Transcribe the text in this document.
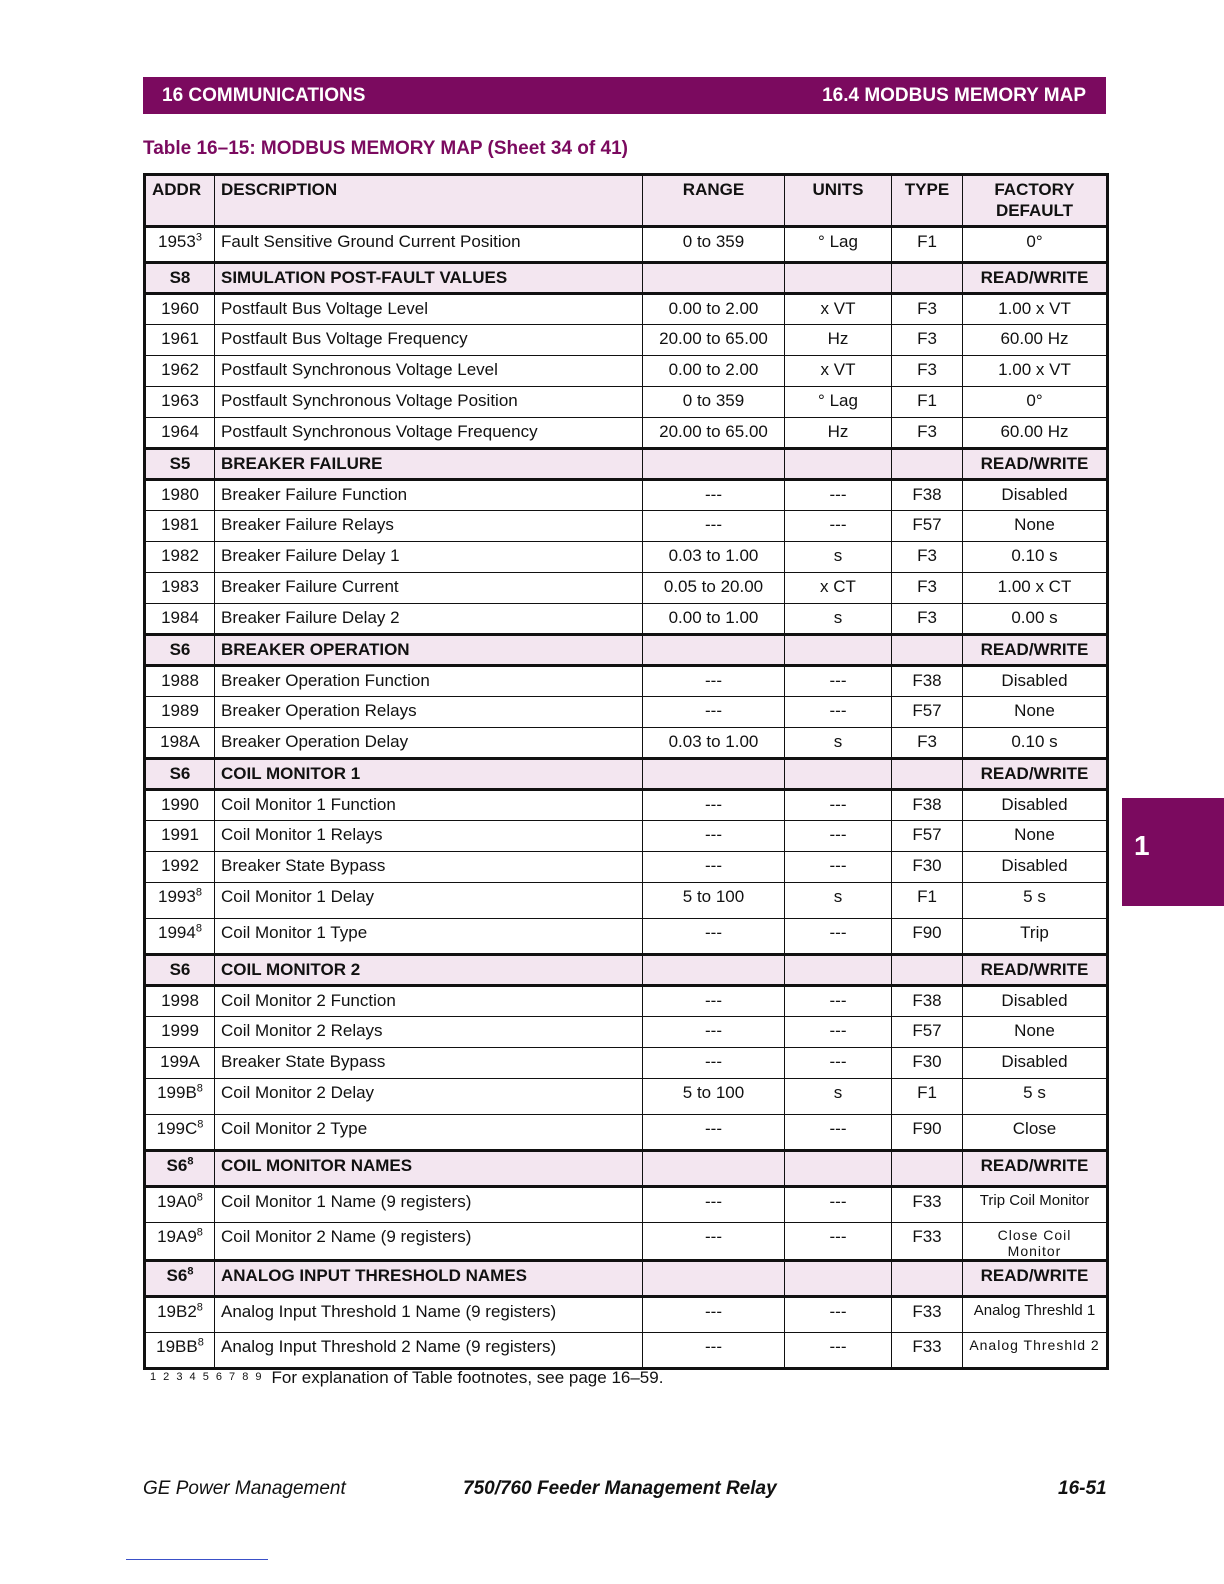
16 COMMUNICATIONS	16.4 MODBUS MEMORY MAP
Table 16–15: MODBUS MEMORY MAP (Sheet 34 of 41)
ADDR	DESCRIPTION	RANGE	UNITS	TYPE	FACTORY
DEFAULT
1953$^3$	Fault Sensitive Ground Current Position	0 to 359	° Lag	F1	0°
S8	SIMULATION POST-FAULT VALUES				READ/WRITE
1960	Postfault Bus Voltage Level	0.00 to 2.00	x VT	F3	1.00 x VT
1961	Postfault Bus Voltage Frequency	20.00 to 65.00	Hz	F3	60.00 Hz
1962	Postfault Synchronous Voltage Level	0.00 to 2.00	x VT	F3	1.00 x VT
1963	Postfault Synchronous Voltage Position	0 to 359	° Lag	F1	0°
1964	Postfault Synchronous Voltage Frequency	20.00 to 65.00	Hz	F3	60.00 Hz
S5	BREAKER FAILURE				READ/WRITE
1980	Breaker Failure Function	---	---	F38	Disabled
1981	Breaker Failure Relays	---	---	F57	None
1982	Breaker Failure Delay 1	0.03 to 1.00	s	F3	0.10 s
1983	Breaker Failure Current	0.05 to 20.00	x CT	F3	1.00 x CT
1984	Breaker Failure Delay 2	0.00 to 1.00	s	F3	0.00 s
S6	BREAKER OPERATION				READ/WRITE
1988	Breaker Operation Function	---	---	F38	Disabled
1989	Breaker Operation Relays	---	---	F57	None
198A	Breaker Operation Delay	0.03 to 1.00	s	F3	0.10 s
S6	COIL MONITOR 1				READ/WRITE
1990	Coil Monitor 1 Function	---	---	F38	Disabled
1991	Coil Monitor 1 Relays	---	---	F57	None
1992	Breaker State Bypass	---	---	F30	Disabled
1993$^8$	Coil Monitor 1 Delay	5 to 100	s	F1	5 s
1994$^8$	Coil Monitor 1 Type	---	---	F90	Trip
S6	COIL MONITOR 2				READ/WRITE
1998	Coil Monitor 2 Function	---	---	F38	Disabled
1999	Coil Monitor 2 Relays	---	---	F57	None
199A	Breaker State Bypass	---	---	F30	Disabled
$199B^8$	Coil Monitor 2 Delay	5 to 100	s	F1	5 s
$199C^8$	Coil Monitor 2 Type	---	---	F90	Close
$S6^8$	COIL MONITOR NAMES				READ/WRITE
$19A0^8$	Coil Monitor 1 Name (9 registers)	---	---	F33	Trip Coil Monitor
$19A9^8$	Coil Monitor 2 Name (9 registers)	---	---	F33	Close Coil Monitor
$S6^8$	ANALOG INPUT THRESHOLD NAMES				READ/WRITE
$19B2^8$	Analog Input Threshold 1 Name (9 registers)	---	---	F33	Analog Threshld 1
$19BB^8$	Analog Input Threshold 2 Name (9 registers)	---	---	F33	Analog Threshld 2
1 2 3 4 5 6 7 8 9 For explanation of Table footnotes, see page 16–59.
GE Power Management	750/760 Feeder Management Relay	16-51
1
